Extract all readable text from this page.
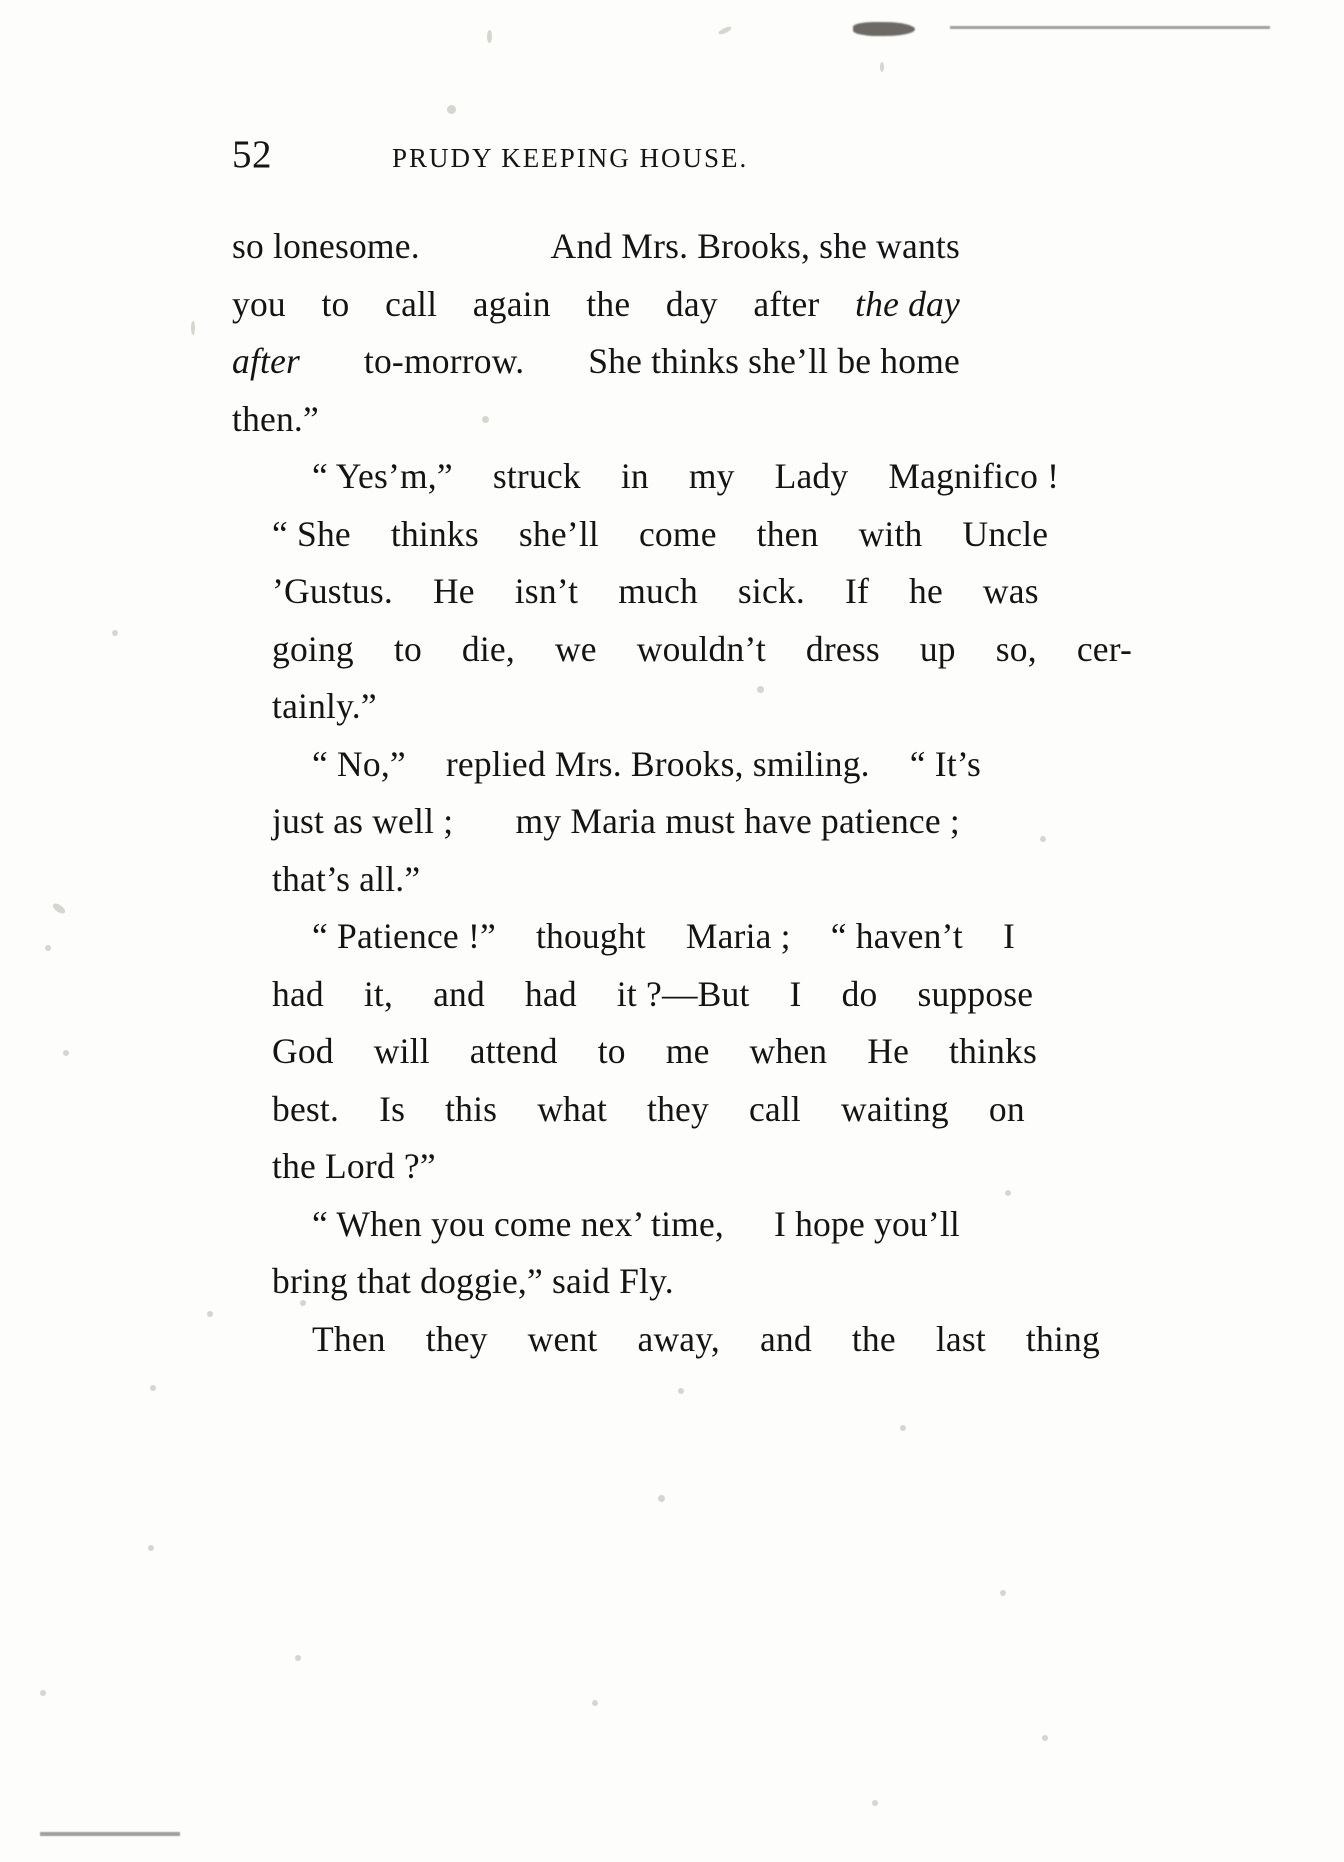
52	PRUDY KEEPING HOUSE.

so lonesome.	And Mrs. Brooks, she wants
you to call again the day after the day
after to-morrow. She thinks she’ll be home
then.”

“ Yes’m,”	struck	in	my	Lady	Magnifico !
“ She	thinks	she’ll	come	then	with	Uncle
’Gustus.	He	isn’t	much	sick.	If	he	was
going	to	die,	we	wouldn’t	dress	up	so,	cer-
tainly.”

“ No,”	replied Mrs. Brooks, smiling.	“ It’s
just as well ;	my Maria must have patience ;
that’s all.”

“ Patience !”	thought	Maria ;	“ haven’t	I
had	it,	and	had	it ?—But	I	do	suppose
God	will	attend	to	me	when	He	thinks
best.	Is	this	what	they	call	waiting	on
the Lord ?”

“ When you come nex’ time,	I hope you’ll
bring that doggie,” said Fly.

Then	they	went	away,	and	the	last	thing
